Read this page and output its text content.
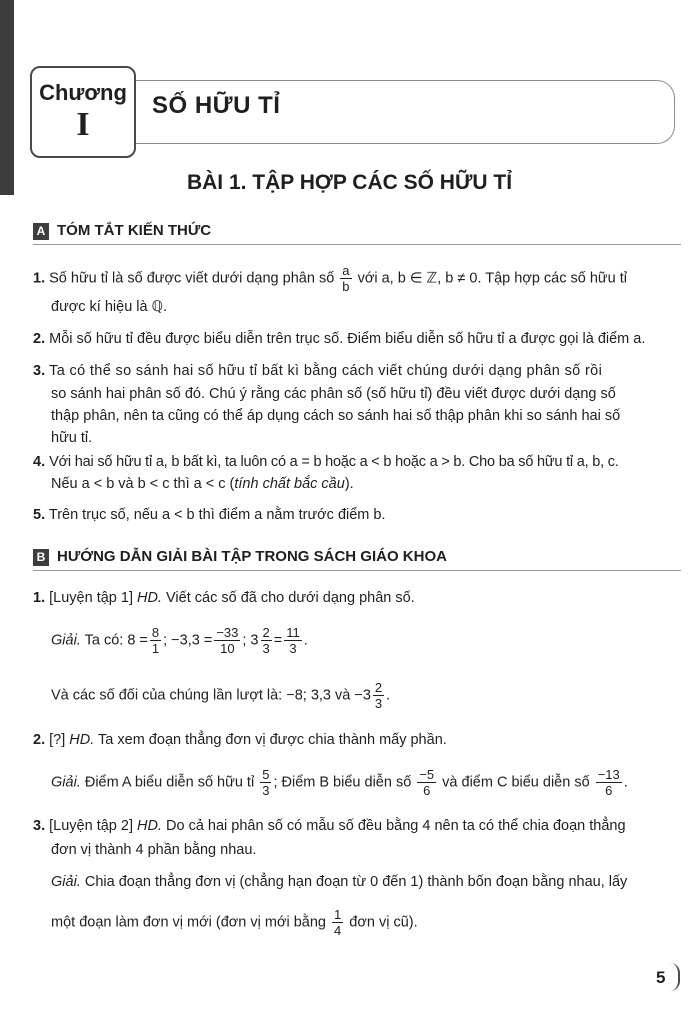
Chương
I
SỐ HỮU TỈ
BÀI 1. TẬP HỢP CÁC SỐ HỮU TỈ
A TÓM TẮT KIẾN THỨC
1. Số hữu tỉ là số được viết dưới dạng phân số $\frac{a}{b}$ với a, b ∈ ℤ, b ≠ 0. Tập hợp các số hữu tỉ
được kí hiệu là ℚ.
2. Mỗi số hữu tỉ đều được biểu diễn trên trục số. Điểm biểu diễn số hữu tỉ a được gọi là điểm a.
3. Ta có thể so sánh hai số hữu tỉ bất kì bằng cách viết chúng dưới dạng phân số rồi
so sánh hai phân số đó. Chú ý rằng các phân số (số hữu tỉ) đều viết được dưới dạng số
thập phân, nên ta cũng có thể áp dụng cách so sánh hai số thập phân khi so sánh hai số
hữu tỉ.
4. Với hai số hữu tỉ a, b bất kì, ta luôn có a = b hoặc a < b hoặc a > b. Cho ba số hữu tỉ a, b, c.
Nếu a < b và b < c thì a < c (tính chất bắc cầu).
5. Trên trục số, nếu a < b thì điểm a nằm trước điểm b.
B HƯỚNG DẪN GIẢI BÀI TẬP TRONG SÁCH GIÁO KHOA
1. [Luyện tập 1] HD. Viết các số đã cho dưới dạng phân số.
Giải. Ta có: $8 = \frac{8}{1}$ ; $-3,3 = \frac{-33}{10}$ ; $3 \frac{2}{3} = \frac{11}{3}$ .
Và các số đối của chúng lần lượt là: −8; 3,3 và $-3 \frac{2}{3}$ .
2. [?] HD. Ta xem đoạn thẳng đơn vị được chia thành mấy phần.
Giải. Điểm A biểu diễn số hữu tỉ $\frac{5}{3}$ ; Điểm B biểu diễn số $\frac{-5}{6}$ và điểm C biểu diễn số $\frac{-13}{6}$ .
3. [Luyện tập 2] HD. Do cả hai phân số có mẫu số đều bằng 4 nên ta có thể chia đoạn thẳng
đơn vị thành 4 phần bằng nhau.
Giải. Chia đoạn thẳng đơn vị (chẳng hạn đoạn từ 0 đến 1) thành bốn đoạn bằng nhau, lấy
một đoạn làm đơn vị mới (đơn vị mới bằng $\frac{1}{4}$ đơn vị cũ).
5
